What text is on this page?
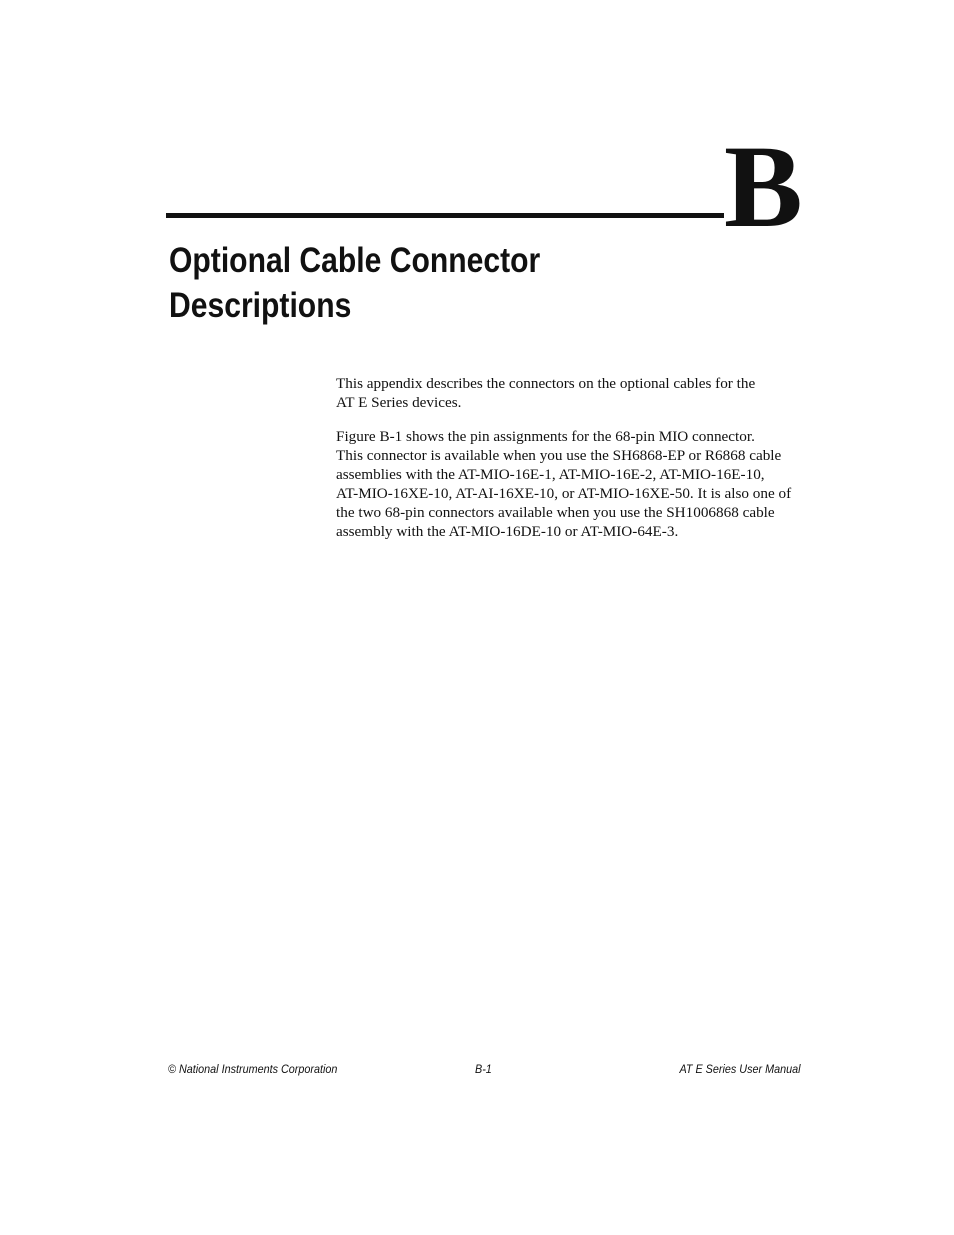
B
Optional Cable Connector
Descriptions

This appendix describes the connectors on the optional cables for the
AT E Series devices.

Figure B-1 shows the pin assignments for the 68-pin MIO connector.
This connector is available when you use the SH6868-EP or R6868 cable
assemblies with the AT-MIO-16E-1, AT-MIO-16E-2, AT-MIO-16E-10,
AT-MIO-16XE-10, AT-AI-16XE-10, or AT-MIO-16XE-50. It is also one of
the two 68-pin connectors available when you use the SH1006868 cable
assembly with the AT-MIO-16DE-10 or AT-MIO-64E-3.

© National Instruments Corporation	B-1	AT E Series User Manual
